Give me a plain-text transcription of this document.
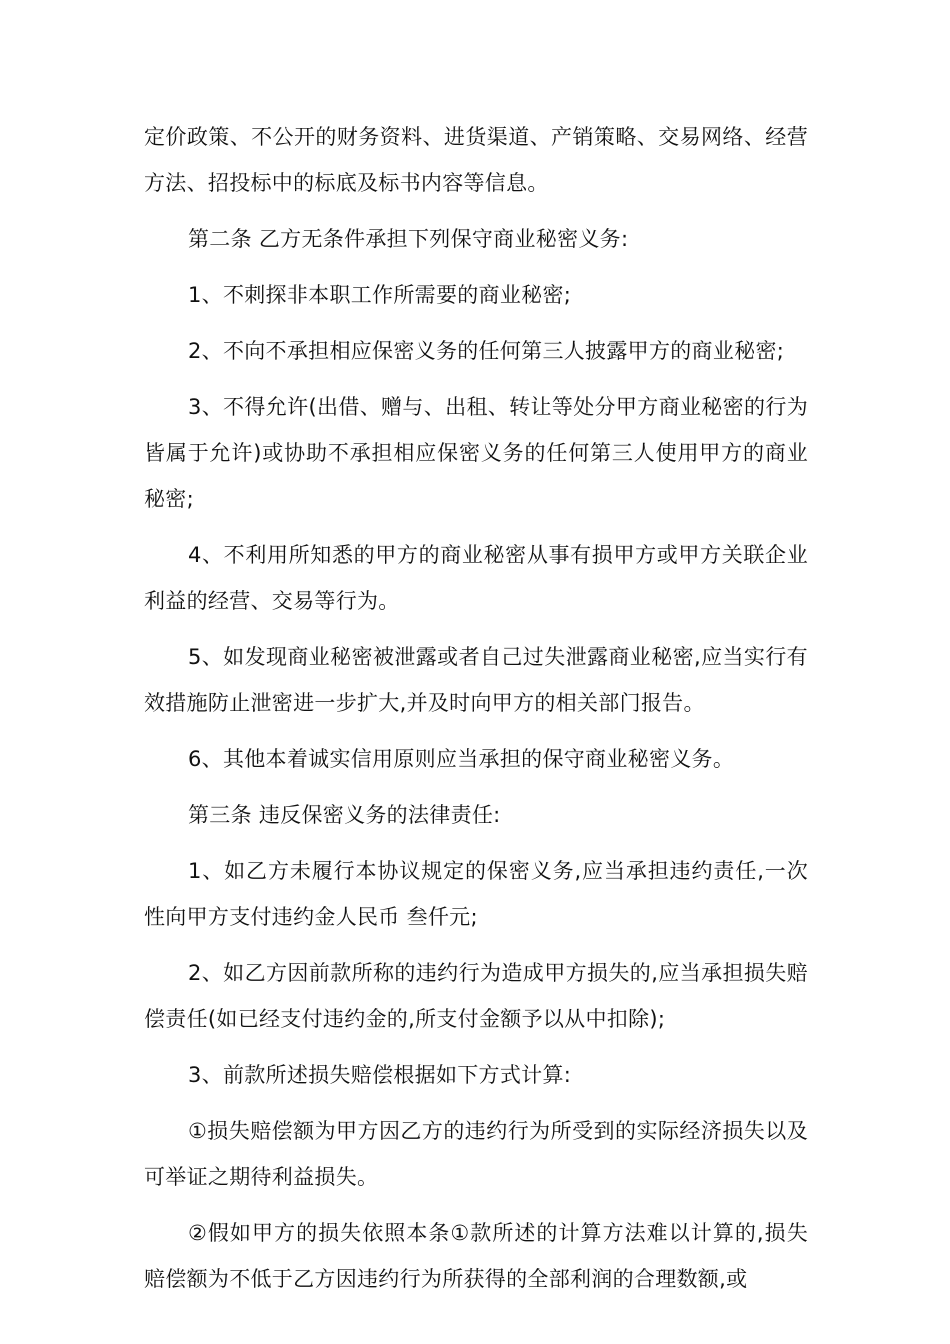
定价政策、不公开的财务资料、进货渠道、产销策略、交易网络、经营方法、招投标中的标底及标书内容等信息。

第二条 乙方无条件承担下列保守商业秘密义务:

1、不刺探非本职工作所需要的商业秘密;

2、不向不承担相应保密义务的任何第三人披露甲方的商业秘密;

3、不得允许(出借、赠与、出租、转让等处分甲方商业秘密的行为皆属于允许)或协助不承担相应保密义务的任何第三人使用甲方的商业秘密;

4、不利用所知悉的甲方的商业秘密从事有损甲方或甲方关联企业利益的经营、交易等行为。

5、如发现商业秘密被泄露或者自己过失泄露商业秘密,应当实行有效措施防止泄密进一步扩大,并及时向甲方的相关部门报告。

6、其他本着诚实信用原则应当承担的保守商业秘密义务。

第三条 违反保密义务的法律责任:

1、如乙方未履行本协议规定的保密义务,应当承担违约责任,一次性向甲方支付违约金人民币 叁仟元;

2、如乙方因前款所称的违约行为造成甲方损失的,应当承担损失赔偿责任(如已经支付违约金的,所支付金额予以从中扣除);

3、前款所述损失赔偿根据如下方式计算:

①损失赔偿额为甲方因乙方的违约行为所受到的实际经济损失以及可举证之期待利益损失。

②假如甲方的损失依照本条①款所述的计算方法难以计算的,损失赔偿额为不低于乙方因违约行为所获得的全部利润的合理数额,或
